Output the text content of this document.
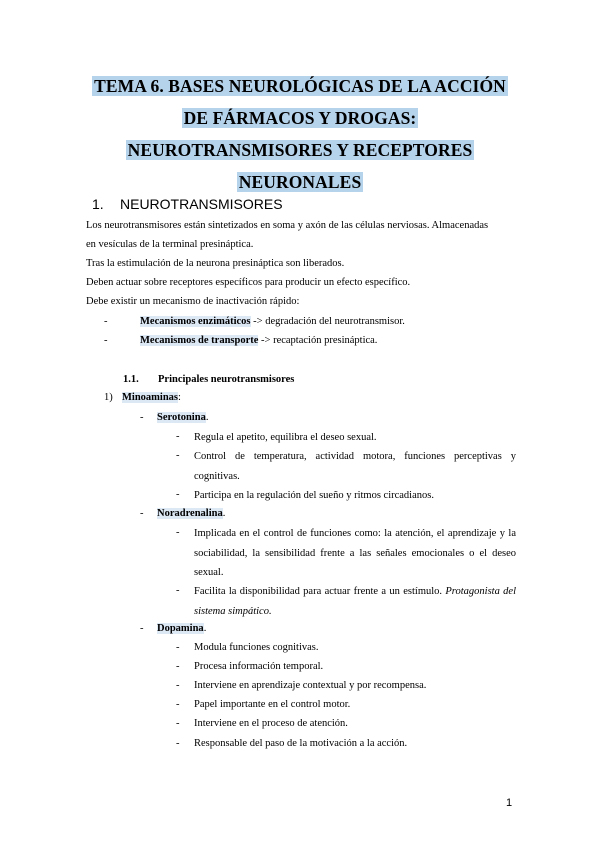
TEMA 6. BASES NEUROLÓGICAS DE LA ACCIÓN
DE FÁRMACOS Y DROGAS:
NEUROTRANSMISORES Y RECEPTORES
NEURONALES
1. NEUROTRANSMISORES
Los neurotransmisores están sintetizados en soma y axón de las células nerviosas. Almacenadas
en vesículas de la terminal presináptica.
Tras la estimulación de la neurona presináptica son liberados.
Deben actuar sobre receptores específicos para producir un efecto específico.
Debe existir un mecanismo de inactivación rápido:
-	Mecanismos enzimáticos -> degradación del neurotransmisor.
-	Mecanismos de transporte -> recaptación presináptica.
1.1. Principales neurotransmisores
1) Minoaminas:
- Serotonina.
- Regula el apetito, equilibra el deseo sexual.
- Control de temperatura, actividad motora, funciones perceptivas y cognitivas.
- Participa en la regulación del sueño y ritmos circadianos.
- Noradrenalina.
- Implicada en el control de funciones como: la atención, el aprendizaje y la sociabilidad, la sensibilidad frente a las señales emocionales o el deseo sexual.
- Facilita la disponibilidad para actuar frente a un estímulo. Protagonista del sistema simpático.
- Dopamina.
- Modula funciones cognitivas.
- Procesa información temporal.
- Interviene en aprendizaje contextual y por recompensa.
- Papel importante en el control motor.
- Interviene en el proceso de atención.
- Responsable del paso de la motivación a la acción.
1
